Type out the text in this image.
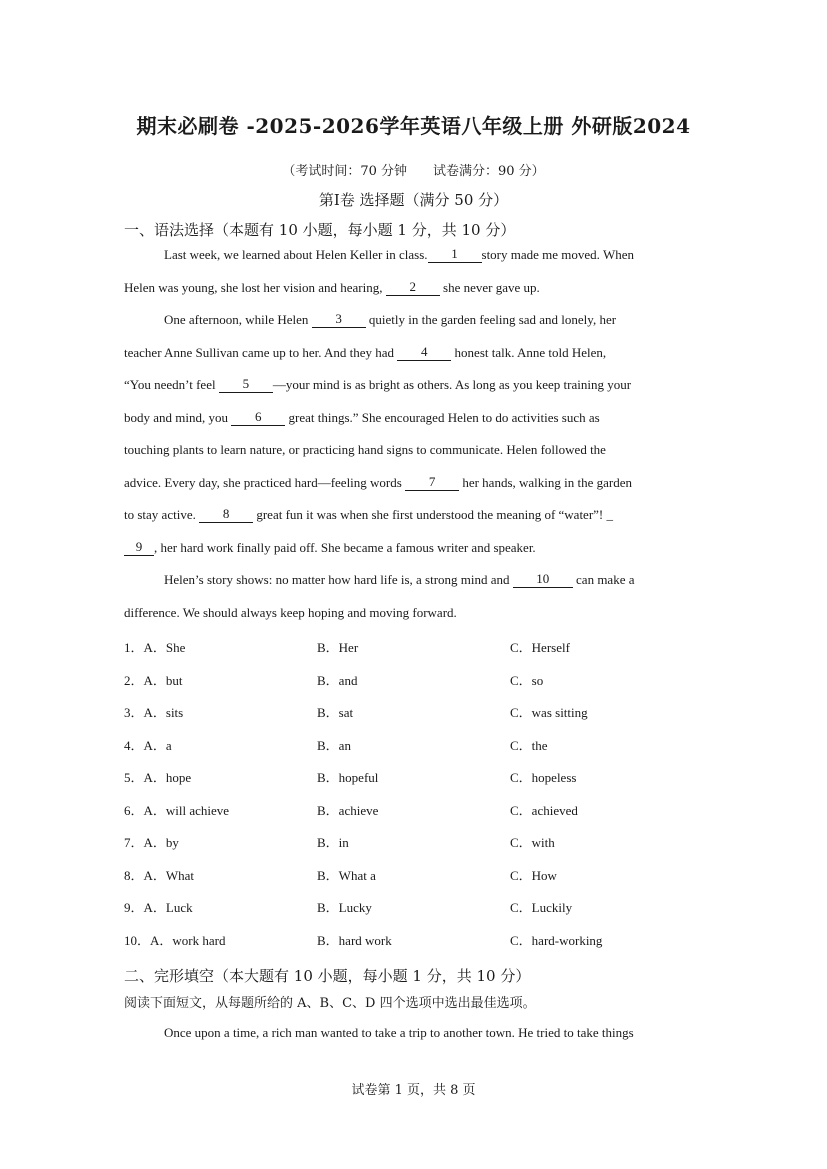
期末必刷卷 -2025-2026学年英语八年级上册 外研版2024
（考试时间：70 分钟 试卷满分：90 分）
第Ⅰ卷 选择题（满分 50 分）
一、语法选择（本题有 10 小题，每小题 1 分，共 10 分）
Last week, we learned about Helen Keller in class.	1	story made me moved. When
Helen was young, she lost her vision and hearing,	2	she never gave up.
One afternoon, while Helen	3	quietly in the garden feeling sad and lonely, her
teacher Anne Sullivan came up to her. And they had	4	honest talk. Anne told Helen,
“You needn’t feel	5	—your mind is as bright as others. As long as you keep training your
body and mind, you	6	great things.” She encouraged Helen to do activities such as
touching plants to learn nature, or practicing hand signs to communicate. Helen followed the
advice. Every day, she practiced hard—feeling words	7	her hands, walking in the garden
to stay active.	8	great fun it was when she first understood the meaning of “water”! _
9 , her hard work finally paid off. She became a famous writer and speaker.
Helen’s story shows: no matter how hard life is, a strong mind and	10	can make a
difference. We should always keep hoping and moving forward.
1．A．She	B．Her	C．Herself
2．A．but	B．and	C．so
3．A．sits	B．sat	C．was sitting
4．A．a	B．an	C．the
5．A．hope	B．hopeful	C．hopeless
6．A．will achieve	B．achieve	C．achieved
7．A．by	B．in	C．with
8．A．What	B．What a	C．How
9．A．Luck	B．Lucky	C．Luckily
10．A．work hard	B．hard work	C．hard-working
二、完形填空（本大题有 10 小题，每小题 1 分，共 10 分）
阅读下面短文，从每题所给的 A、B、C、D 四个选项中选出最佳选项。
Once upon a time, a rich man wanted to take a trip to another town. He tried to take things
试卷第 1 页，共 8 页
